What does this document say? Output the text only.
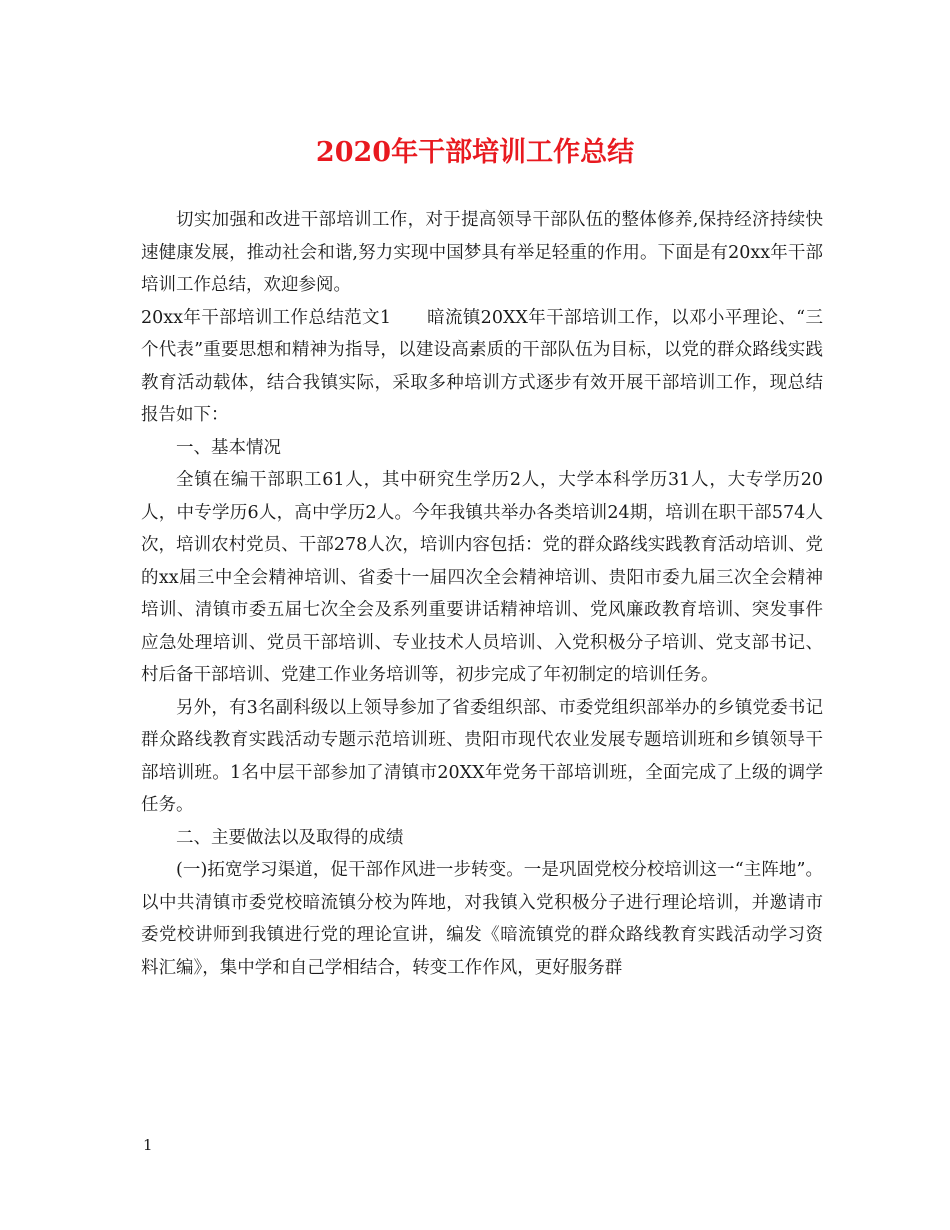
2020年干部培训工作总结

切实加强和改进干部培训工作，对于提高领导干部队伍的整体修养,保持经济持续快速健康发展，推动社会和谐,努力实现中国梦具有举足轻重的作用。下面是有20xx年干部培训工作总结，欢迎参阅。

20xx年干部培训工作总结范文1　　暗流镇20XX年干部培训工作，以邓小平理论、“三个代表”重要思想和精神为指导，以建设高素质的干部队伍为目标，以党的群众路线实践教育活动载体，结合我镇实际，采取多种培训方式逐步有效开展干部培训工作，现总结报告如下：

一、基本情况

全镇在编干部职工61人，其中研究生学历2人，大学本科学历31人，大专学历20人，中专学历6人，高中学历2人。今年我镇共举办各类培训24期，培训在职干部574人次，培训农村党员、干部278人次，培训内容包括：党的群众路线实践教育活动培训、党的xx届三中全会精神培训、省委十一届四次全会精神培训、贵阳市委九届三次全会精神培训、清镇市委五届七次全会及系列重要讲话精神培训、党风廉政教育培训、突发事件应急处理培训、党员干部培训、专业技术人员培训、入党积极分子培训、党支部书记、村后备干部培训、党建工作业务培训等，初步完成了年初制定的培训任务。

另外，有3名副科级以上领导参加了省委组织部、市委党组织部举办的乡镇党委书记群众路线教育实践活动专题示范培训班、贵阳市现代农业发展专题培训班和乡镇领导干部培训班。1名中层干部参加了清镇市20XX年党务干部培训班，全面完成了上级的调学任务。

二、主要做法以及取得的成绩

(一)拓宽学习渠道，促干部作风进一步转变。一是巩固党校分校培训这一“主阵地”。以中共清镇市委党校暗流镇分校为阵地，对我镇入党积极分子进行理论培训，并邀请市委党校讲师到我镇进行党的理论宣讲，编发《暗流镇党的群众路线教育实践活动学习资料汇编》，集中学和自己学相结合，转变工作作风，更好服务群

1
